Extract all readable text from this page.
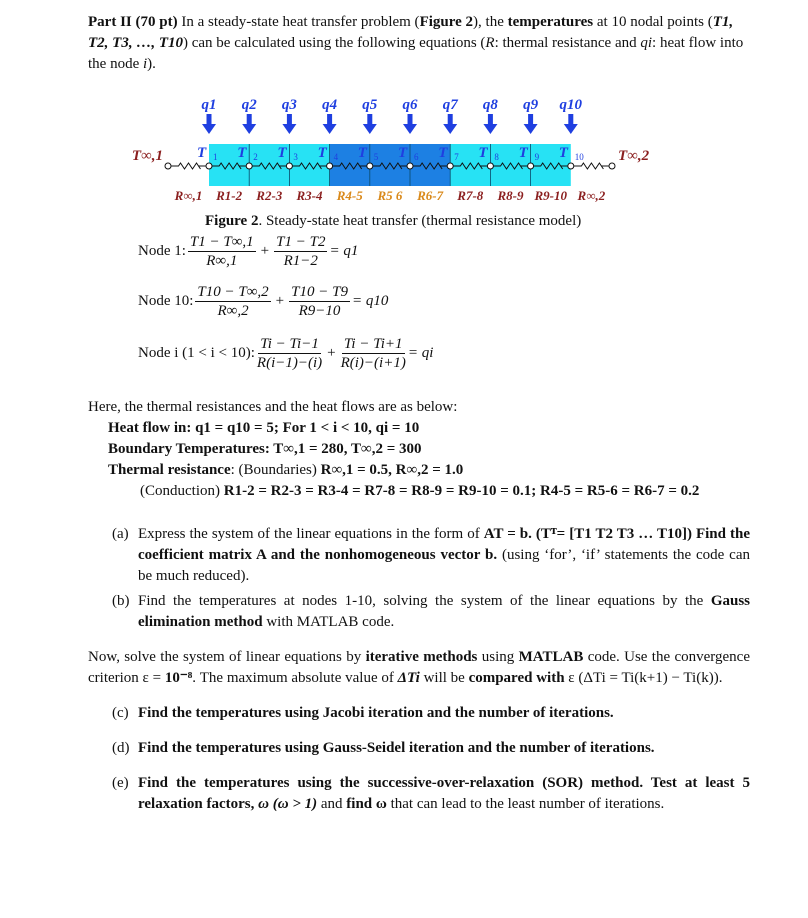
Part II (70 pt) In a steady-state heat transfer problem (Figure 2), the temperatures at 10 nodal points (T1, T2, T3, …, T10) can be calculated using the following equations (R: thermal resistance and qi: heat flow into the node i).

q1
T 1
q2
T 2
q3
T 3
q4
T 4
q5
T 5
q6
T 6
q7
T 7
q8
T 8
q9
T 9
q10
T 10
T∞,1	T∞,2
R∞,1 R1-2 R2-3 R3-4 R4-5 R5 6 R6-7 R7-8 R8-9 R9-10 R∞,2
Figure 2. Steady-state heat transfer (thermal resistance model)
Node 1: $\frac{T1 - T\infty,1}{R\infty,1} + \frac{T1 - T2}{R1-2} = q1$
Node 10: $\frac{T10 - T\infty,2}{R\infty,2} + \frac{T10 - T9}{R9-10} = q10$
Node i (1 < i < 10): $\frac{Ti - Ti-1}{R(i-1)-(i)} + \frac{Ti - Ti+1}{R(i)-(i+1)}$ = qi

Here, the thermal resistances and the heat flows are as below:

Heat flow in: q1 = q10 = 5; For 1 < i < 10, qi = 10

Boundary Temperatures: T∞,1 = 280, T∞,2 = 300

Thermal resistance: (Boundaries) R∞,1 = 0.5, R∞,2 = 1.0

(Conduction) R1-2 = R2-3 = R3-4 = R7-8 = R8-9 = R9-10 = 0.1; R4-5 = R5-6 = R6-7 = 0.2

(a) Express the system of the linear equations in the form of AT = b. (Tᵀ= [T1 T2 T3 … T10]) Find the coefficient matrix A and the nonhomogeneous vector b. (using ‘for’, ‘if’ statements the code can be much reduced).
(b) Find the temperatures at nodes 1-10, solving the system of the linear equations by the Gauss elimination method with MATLAB code.
Now, solve the system of linear equations by iterative methods using MATLAB code. Use the convergence criterion ε = 10⁻⁸. The maximum absolute value of ΔTi will be compared with ε (ΔTi = Ti(k+1) − Ti(k)).
(c) Find the temperatures using Jacobi iteration and the number of iterations.
(d) Find the temperatures using Gauss-Seidel iteration and the number of iterations.
(e) Find the temperatures using the successive-over-relaxation (SOR) method. Test at least 5 relaxation factors, ω (ω > 1) and find ω that can lead to the least number of iterations.
